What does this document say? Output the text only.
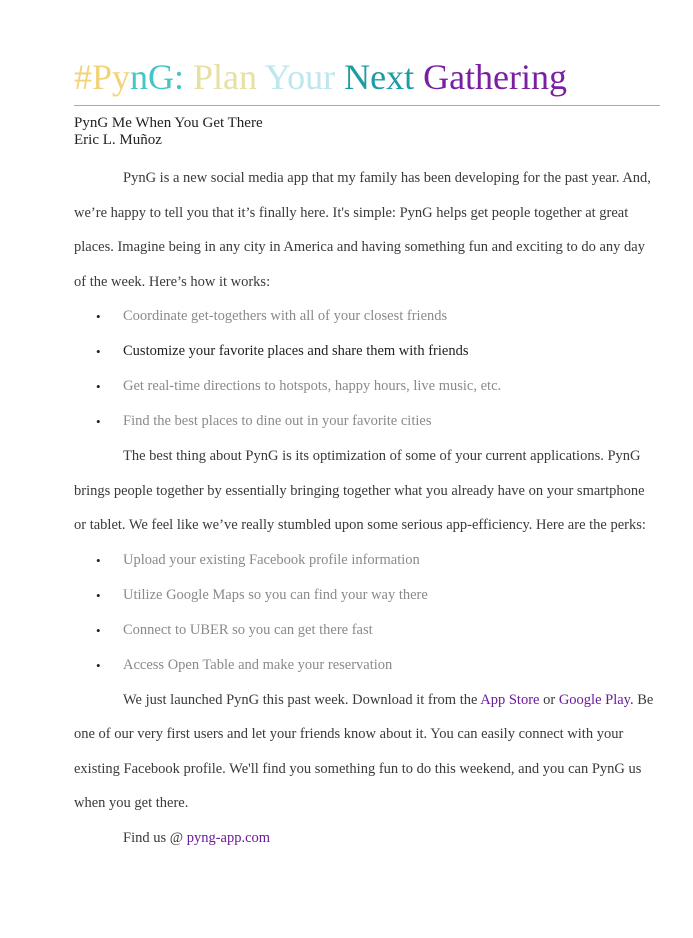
#PynG: Plan Your Next Gathering
PynG Me When You Get There
Eric L. Muñoz

PynG is a new social media app that my family has been developing for the past year. And, we’re happy to tell you that it’s finally here. It's simple: PynG helps get people together at great places. Imagine being in any city in America and having something fun and exciting to do any day of the week. Here’s how it works:

• Coordinate get-togethers with all of your closest friends
• Customize your favorite places and share them with friends
• Get real-time directions to hotspots, happy hours, live music, etc.
• Find the best places to dine out in your favorite cities

The best thing about PynG is its optimization of some of your current applications. PynG brings people together by essentially bringing together what you already have on your smartphone or tablet. We feel like we’ve really stumbled upon some serious app-efficiency. Here are the perks:

• Upload your existing Facebook profile information
• Utilize Google Maps so you can find your way there
• Connect to UBER so you can get there fast
• Access Open Table and make your reservation

We just launched PynG this past week. Download it from the App Store or Google Play. Be one of our very first users and let your friends know about it. You can easily connect with your existing Facebook profile. We'll find you something fun to do this weekend, and you can PynG us when you get there.

Find us @ pyng-app.com
